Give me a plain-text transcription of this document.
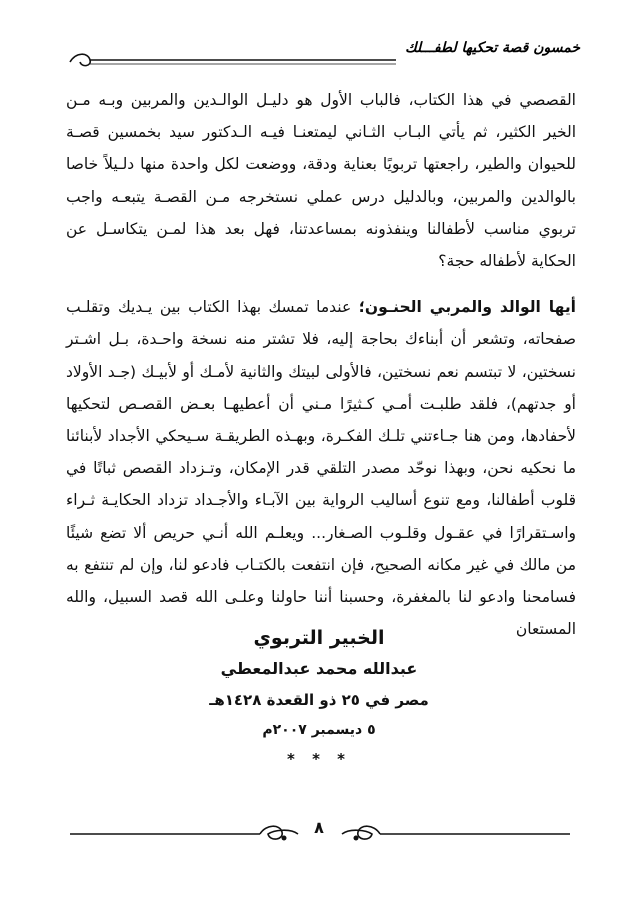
خمسون قصة تحكيها لطفـــلك

القصصي في هذا الكتاب، فالباب الأول هو دليـل الوالـدين والمربين وبـه مـن الخير الكثير، ثم يأتي البـاب الثـاني ليمتعنـا فيـه الـدكتور سيد بخمسين قصـة للحيوان والطير، راجعتها تربويًا بعناية ودقة، ووضعت لكل واحدة منها دلـيلاً خاصا بالوالدين والمربين، وبالدليل درس عملي نستخرجه مـن القصـة يتبعـه واجب تربوي مناسب لأطفالنا وينفذونه بمساعدتنا، فهل بعد هذا لمـن يتكاسـل عن الحكاية لأطفاله حجة؟

أيها الوالد والمربي الحنـون؛ عندما تمسك بهذا الكتاب بين يـديك وتقلـب صفحاته، وتشعر أن أبناءك بحاجة إليه، فلا تشتر منه نسخة واحـدة، بـل اشـتر نسختين، لا تبتسم نعم نسختين، فالأولى لبيتك والثانية لأمـك أو لأبيـك (جـد الأولاد أو جدتهم)، فلقد طلبـت أمـي كـثيرًا مـني أن أعطيهـا بعـض القصـص لتحكيها لأحفادها، ومن هنا جـاءتني تلـك الفكـرة، وبهـذه الطريقـة سـيحكي الأجداد لأبنائنا ما نحكيه نحن، وبهذا نوحّد مصدر التلقي قدر الإمكان، وتـزداد القصص ثباتًا في قلوب أطفالنا، ومع تنوع أساليب الرواية بين الآبـاء والأجـداد تزداد الحكايـة ثـراء واسـتقرارًا في عقـول وقلـوب الصـغار... ويعلـم الله أنـي حريص ألا تضع شيئًا من مالك في غير مكانه الصحيح، فإن انتفعت بالكتـاب فادعو لنا، وإن لم تنتفع به فسامحنا وادعو لنا بالمغفرة، وحسبنا أننا حاولنا وعلـى الله قصد السبيل، والله المستعان

الخبير التربوي
عبدالله محمد عبدالمعطي
مصر في ٢٥ ذو القعدة ١٤٢٨هـ
٥ ديسمبر ٢٠٠٧م
* * *
٨
